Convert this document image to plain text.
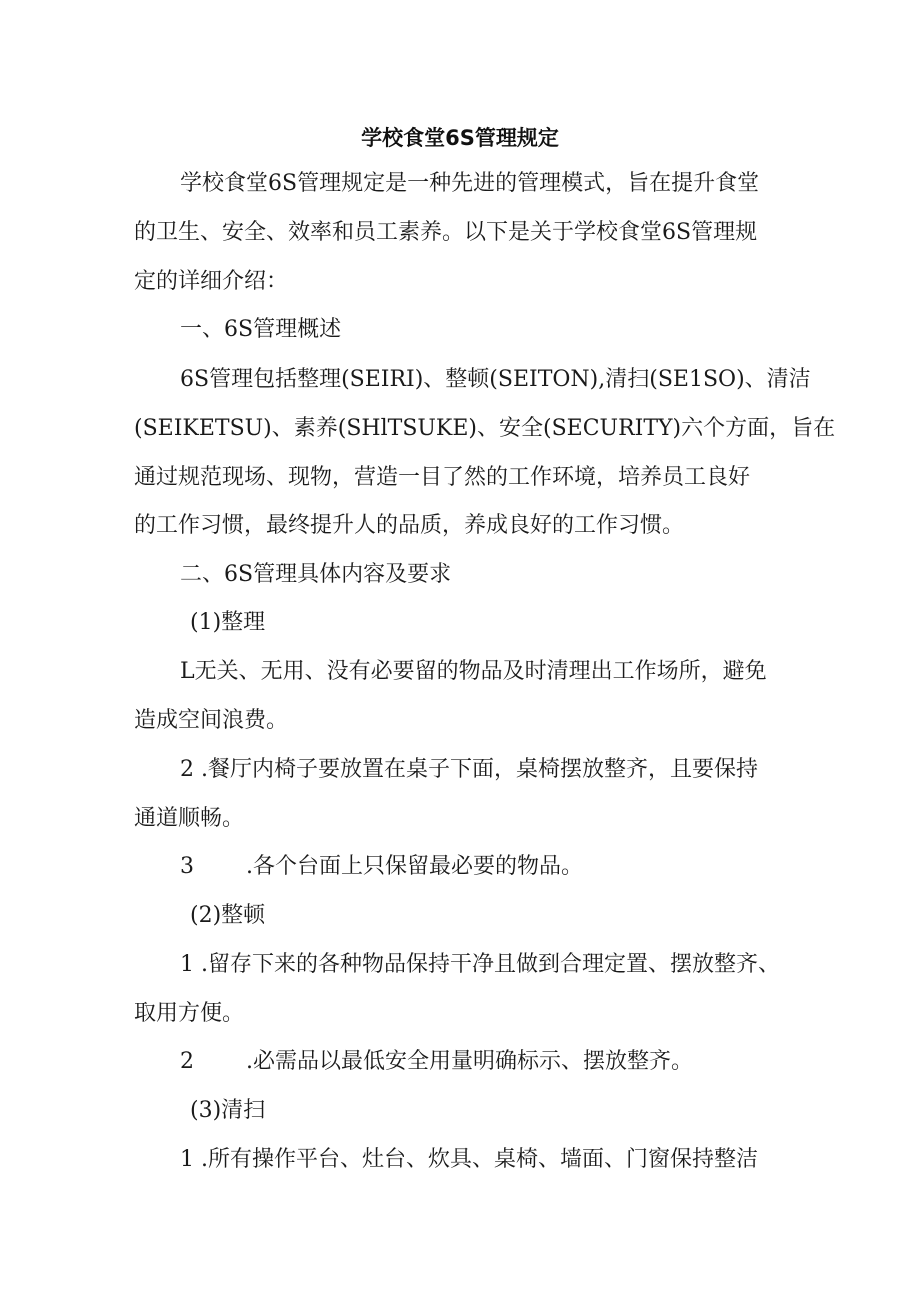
学校食堂6S管理规定
学校食堂6S管理规定是一种先进的管理模式，旨在提升食堂
的卫生、安全、效率和员工素养。以下是关于学校食堂6S管理规
定的详细介绍：
一、6S管理概述
6S管理包括整理(SEIRI)、整顿(SEITON),清扫(SE1SO)、清洁
(SEIKETSU)、素养(SHlTSUKE)、安全(SECURITY)六个方面，旨在
通过规范现场、现物，营造一目了然的工作环境，培养员工良好
的工作习惯，最终提升人的品质，养成良好的工作习惯。
二、6S管理具体内容及要求
(1)整理
L无关、无用、没有必要留的物品及时清理出工作场所，避免
造成空间浪费。
2 .餐厅内椅子要放置在桌子下面，桌椅摆放整齐，且要保持
通道顺畅。
3 .各个台面上只保留最必要的物品。
(2)整顿
1 .留存下来的各种物品保持干净且做到合理定置、摆放整齐、
取用方便。
2 .必需品以最低安全用量明确标示、摆放整齐。
(3)清扫
1 .所有操作平台、灶台、炊具、桌椅、墙面、门窗保持整洁
